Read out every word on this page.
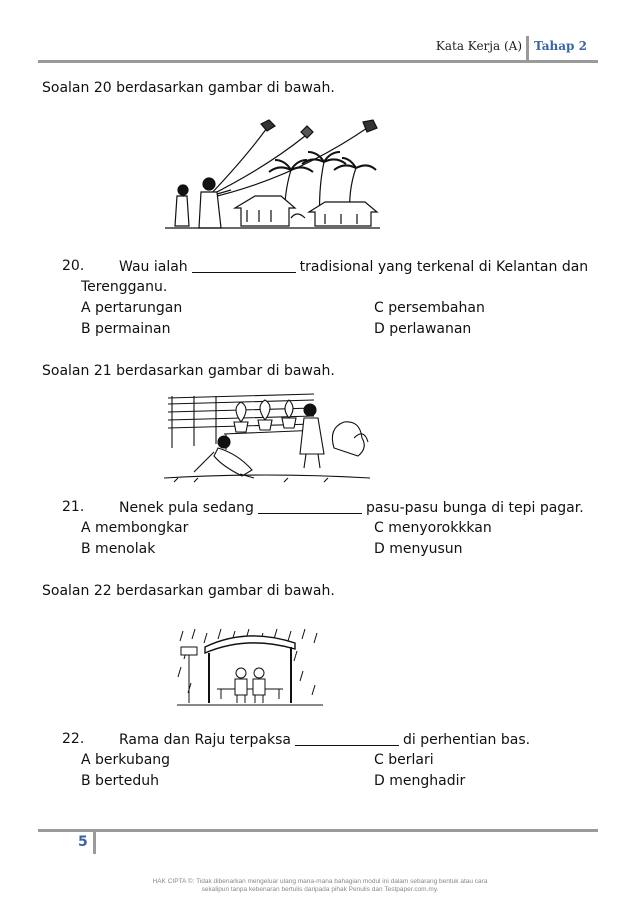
Kata Kerja (A) Tahap 2
Soalan 20 berdasarkan gambar di bawah.
20. Wau ialah	tradisional yang terkenal di Kelantan dan
Terengganu.
A pertarungan	C persembahan
B permainan	D perlawanan
Soalan 21 berdasarkan gambar di bawah.
21. Nenek pula sedang	pasu-pasu bunga di tepi pagar.
A membongkar	C menyorokkkan
B menolak	D menyusun
Soalan 22 berdasarkan gambar di bawah.
22. Rama dan Raju terpaksa	di perhentian bas.
A berkubang	C berlari
B berteduh	D menghadir
5
HAK CIPTA ©: Tidak dibenarkan mengeluar ulang mana-mana bahagian modul ini dalam sebarang bentuk atau cara sekalipun tanpa kebenaran bertulis daripada pihak Penulis dan Testpaper.com.my.
